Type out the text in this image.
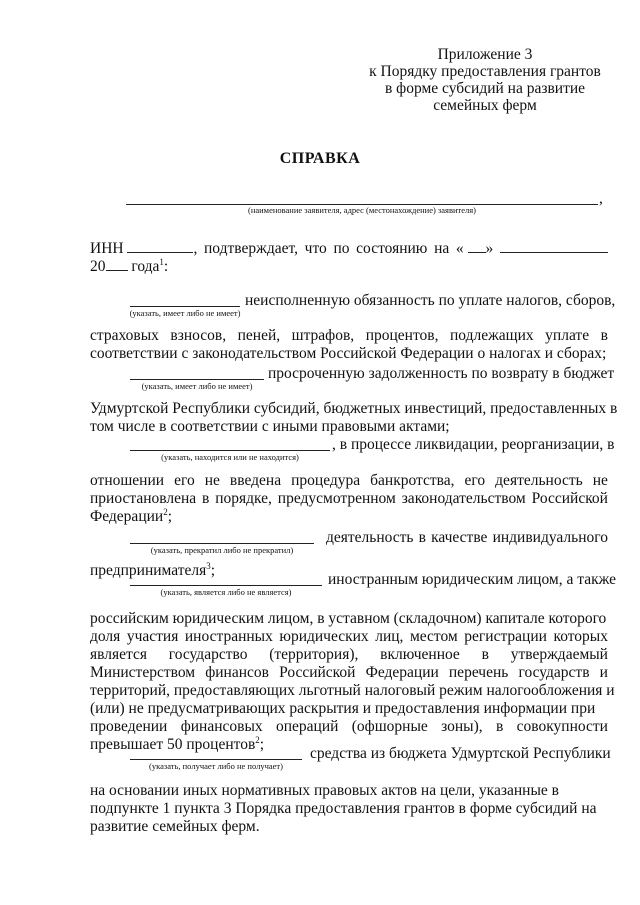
Приложение 3
к Порядку предоставления грантов
в форме субсидий на развитие
семейных ферм
СПРАВКА
,
(наименование заявителя, адрес (местонахождение) заявителя)
ИНН	, подтверждает, что по состоянию на « »
20 года$^1$:
неисполненную обязанность по уплате налогов, сборов,
(указать, имеет либо не имеет)
страховых взносов, пеней, штрафов, процентов, подлежащих уплате в
соответствии с законодательством Российской Федерации о налогах и сборах;
просроченную задолженность по возврату в бюджет
(указать, имеет либо не имеет)
Удмуртской Республики субсидий, бюджетных инвестиций, предоставленных в
том числе в соответствии с иными правовыми актами;
, в процессе ликвидации, реорганизации, в
(указать, находится или не находится)
отношении его не введена процедура банкротства, его деятельность не
приостановлена в порядке, предусмотренном законодательством Российской
Федерации$^2$;
деятельность в качестве индивидуального
(указать, прекратил либо не прекратил)
предпринимателя$^3$;
иностранным юридическим лицом, а также
(указать, является либо не является)
российским юридическим лицом, в уставном (складочном) капитале которого
доля участия иностранных юридических лиц, местом регистрации которых
является государство (территория), включенное в утверждаемый
Министерством финансов Российской Федерации перечень государств и
территорий, предоставляющих льготный налоговый режим налогообложения и
(или) не предусматривающих раскрытия и предоставления информации при
проведении финансовых операций (офшорные зоны), в совокупности
превышает 50 процентов$^2$;
средства из бюджета Удмуртской Республики
(указать, получает либо не получает)
на основании иных нормативных правовых актов на цели, указанные в
подпункте 1 пункта 3 Порядка предоставления грантов в форме субсидий на
развитие семейных ферм.
